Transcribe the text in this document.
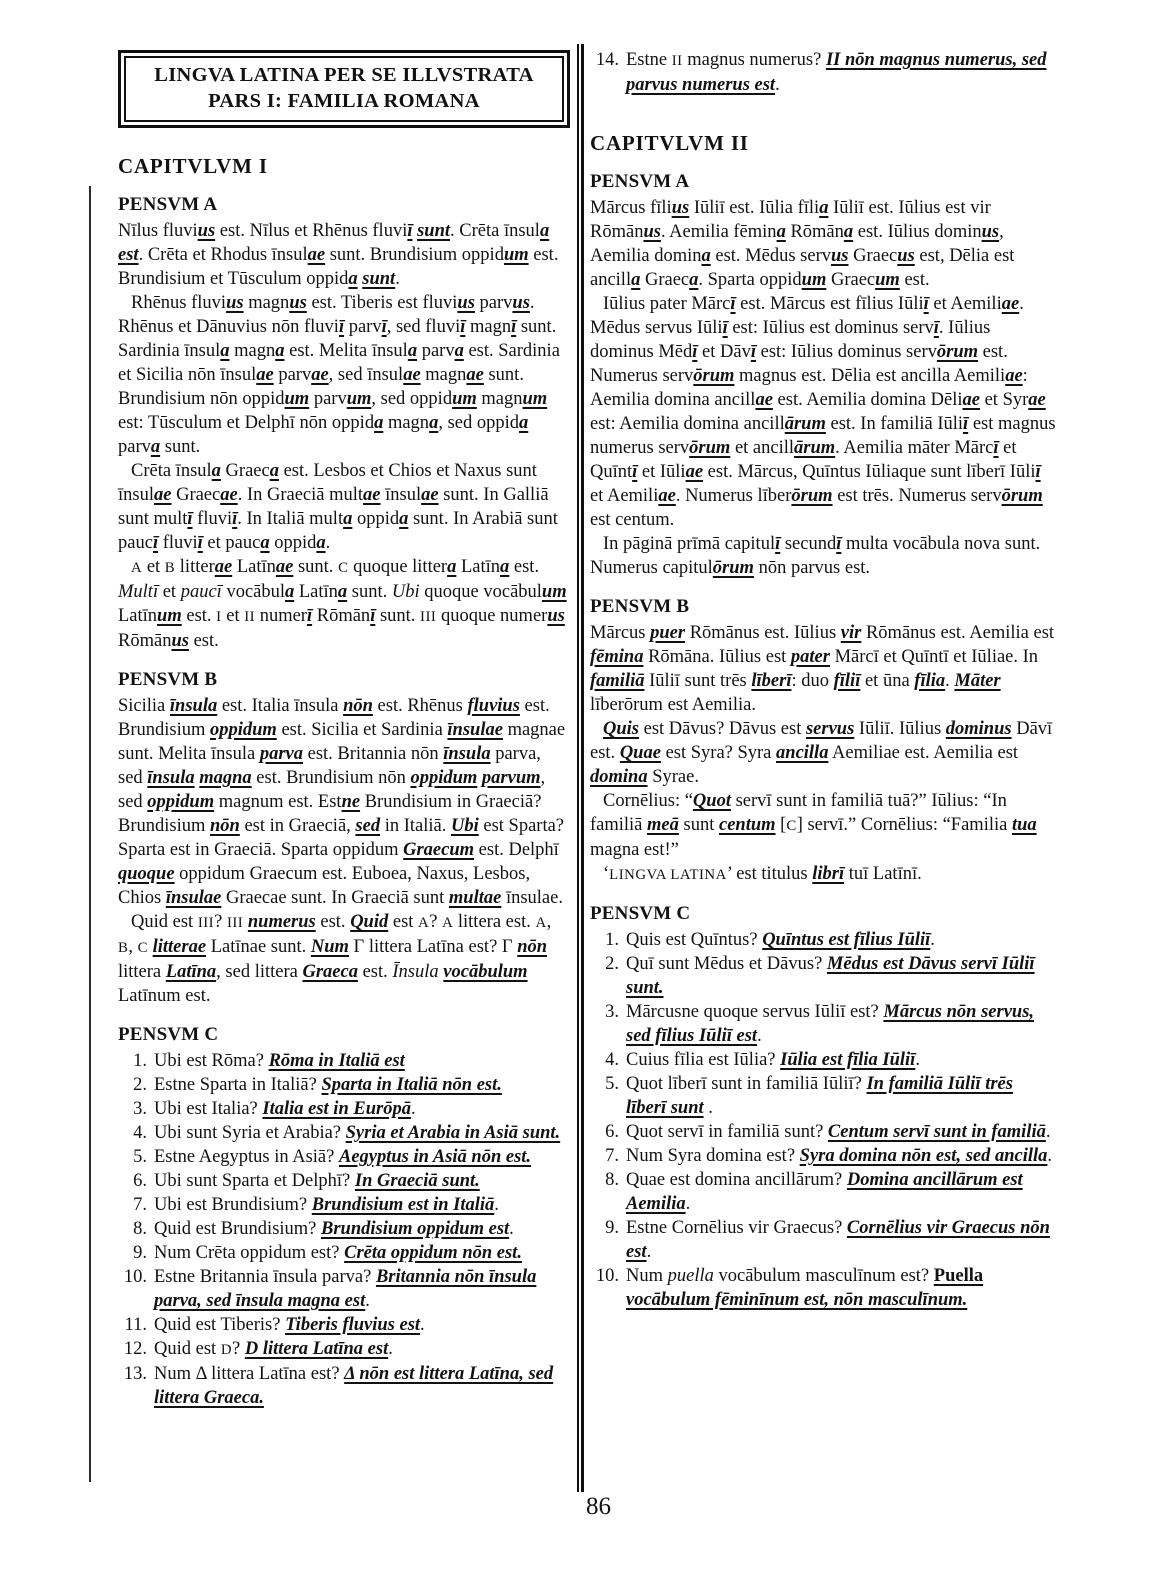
LINGVA LATINA PER SE ILLVSTRATA
PARS I: FAMILIA ROMANA
CAPITVLVM I
PENSVM A

Nīlus fluvius est. Nīlus et Rhēnus fluviī sunt. Crēta īnsula est. Crēta et Rhodus īnsulae sunt. Brundisium oppidum est. Brundisium et Tūsculum oppida sunt.

Rhēnus fluvius magnus est. Tiberis est fluvius parvus. Rhēnus et Dānuvius nōn fluviī parvī, sed fluviī magnī sunt. Sardinia īnsula magna est. Melita īnsula parva est. Sardinia et Sicilia nōn īnsulae parvae, sed īnsulae magnae sunt. Brundisium nōn oppidum parvum, sed oppidum magnum est: Tūsculum et Delphī nōn oppida magna, sed oppida parva sunt.

Crēta īnsula Graeca est. Lesbos et Chios et Naxus sunt īnsulae Graecae. In Graeciā multae īnsulae sunt. In Galliā sunt multī fluviī. In Italiā multa oppida sunt. In Arabiā sunt paucī fluviī et pauca oppida.

A et B litterae Latīnae sunt. C quoque littera Latīna est. Multī et paucī vocābula Latīna sunt. Ubi quoque vocābulum Latīnum est. I et II numerī Rōmānī sunt. III quoque numerus Rōmānus est.

PENSVM B

Sicilia īnsula est. Italia īnsula nōn est. Rhēnus fluvius est. Brundisium oppidum est. Sicilia et Sardinia īnsulae magnae sunt. Melita īnsula parva est. Britannia nōn īnsula parva, sed īnsula magna est. Brundisium nōn oppidum parvum, sed oppidum magnum est. Estne Brundisium in Graeciā? Brundisium nōn est in Graeciā, sed in Italiā. Ubi est Sparta? Sparta est in Graeciā. Sparta oppidum Graecum est. Delphī quoque oppidum Graecum est. Euboea, Naxus, Lesbos, Chios īnsulae Graecae sunt. In Graeciā sunt multae īnsulae.

Quid est III? III numerus est. Quid est A? A littera est. A, B, C litterae Latīnae sunt. Num Γ littera Latīna est? Γ nōn littera Latīna, sed littera Graeca est. Īnsula vocābulum Latīnum est.

PENSVM C
1. Ubi est Rōma? Rōma in Italiā est
2. Estne Sparta in Italiā? Sparta in Italiā nōn est.
3. Ubi est Italia? Italia est in Eurōpā.
4. Ubi sunt Syria et Arabia? Syria et Arabia in Asiā sunt.
5. Estne Aegyptus in Asiā? Aegyptus in Asiā nōn est.
6. Ubi sunt Sparta et Delphī? In Graeciā sunt.
7. Ubi est Brundisium? Brundisium est in Italiā.
8. Quid est Brundisium? Brundisium oppidum est.
9. Num Crēta oppidum est? Crēta oppidum nōn est.
10. Estne Britannia īnsula parva? Britannia nōn īnsula parva, sed īnsula magna est.
11. Quid est Tiberis? Tiberis fluvius est.
12. Quid est D? D littera Latīna est.
13. Num Δ littera Latīna est? Δ nōn est littera Latīna, sed littera Graeca.
14. Estne II magnus numerus? II nōn magnus numerus, sed parvus numerus est.
CAPITVLVM II
PENSVM A

Mārcus fīlius Iūliī est. Iūlia fīlia Iūliī est. Iūlius est vir Rōmānus. Aemilia fēmina Rōmāna est. Iūlius dominus, Aemilia domina est. Mēdus servus Graecus est, Dēlia est ancilla Graeca. Sparta oppidum Graecum est.

Iūlius pater Mārcī est. Mārcus est fīlius Iūliī et Aemiliae. Mēdus servus Iūliī est: Iūlius est dominus servī. Iūlius dominus Mēdī et Dāvī est: Iūlius dominus servōrum est. Numerus servōrum magnus est. Dēlia est ancilla Aemiliae: Aemilia domina ancillae est. Aemilia domina Dēliae et Syrae est: Aemilia domina ancillārum est. In familiā Iūliī est magnus numerus servōrum et ancillārum. Aemilia māter Mārcī et Quīntī et Iūliae est. Mārcus, Quīntus Iūliaque sunt līberī Iūliī et Aemiliae. Numerus līberōrum est trēs. Numerus servōrum est centum.

In pāginā prīmā capitulī secundī multa vocābula nova sunt. Numerus capitulōrum nōn parvus est.

PENSVM B

Mārcus puer Rōmānus est. Iūlius vir Rōmānus est. Aemilia est fēmina Rōmāna. Iūlius est pater Mārcī et Quīntī et Iūliae. In familiā Iūliī sunt trēs līberī: duo fīliī et ūna fīlia. Māter līberōrum est Aemilia.

Quis est Dāvus? Dāvus est servus Iūliī. Iūlius dominus Dāvī est. Quae est Syra? Syra ancilla Aemiliae est. Aemilia est domina Syrae.

Cornēlius: “Quot servī sunt in familiā tuā?” Iūlius: “In familiā meā sunt centum [C] servī.” Cornēlius: “Familia tua magna est!”

‘LINGVA LATINA’ est titulus librī tuī Latīnī.

PENSVM C
1. Quis est Quīntus? Quīntus est fīlius Iūliī.
2. Quī sunt Mēdus et Dāvus? Mēdus est Dāvus servī Iūliī sunt.
3. Mārcusne quoque servus Iūliī est? Mārcus nōn servus, sed fīlius Iūliī est.
4. Cuius fīlia est Iūlia? Iūlia est fīlia Iūliī.
5. Quot līberī sunt in familiā Iūliī? In familiā Iūliī trēs līberī sunt .
6. Quot servī in familiā sunt? Centum servī sunt in familiā.
7. Num Syra domina est? Syra domina nōn est, sed ancilla.
8. Quae est domina ancillārum? Domina ancillārum est Aemilia.
9. Estne Cornēlius vir Graecus? Cornēlius vir Graecus nōn est.
10. Num puella vocābulum masculīnum est? Puella vocābulum fēminīnum est, nōn masculīnum.
86
